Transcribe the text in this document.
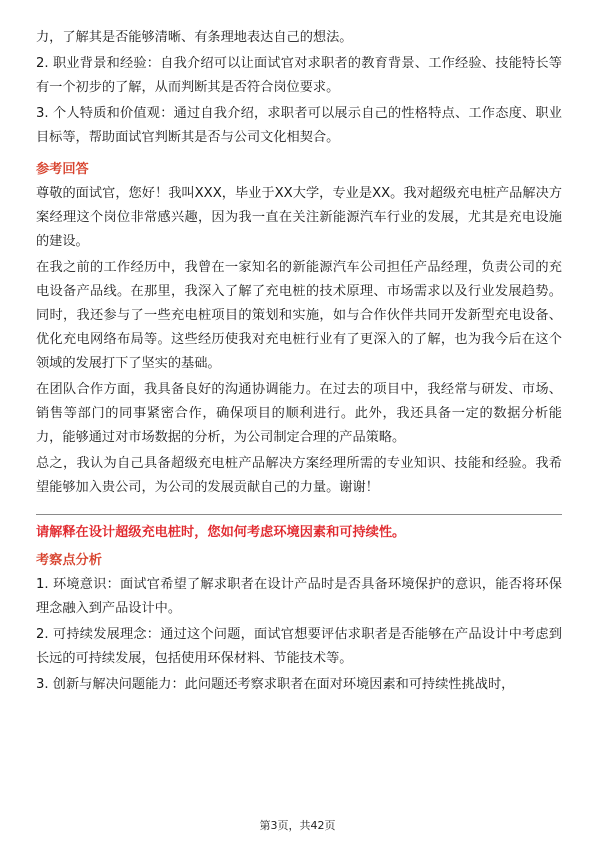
力，了解其是否能够清晰、有条理地表达自己的想法。

2. 职业背景和经验：自我介绍可以让面试官对求职者的教育背景、工作经验、技能特长等有一个初步的了解，从而判断其是否符合岗位要求。

3. 个人特质和价值观：通过自我介绍，求职者可以展示自己的性格特点、工作态度、职业目标等，帮助面试官判断其是否与公司文化相契合。

参考回答

尊敬的面试官，您好！我叫XXX，毕业于XX大学，专业是XX。我对超级充电桩产品解决方案经理这个岗位非常感兴趣，因为我一直在关注新能源汽车行业的发展，尤其是充电设施的建设。

在我之前的工作经历中，我曾在一家知名的新能源汽车公司担任产品经理，负责公司的充电设备产品线。在那里，我深入了解了充电桩的技术原理、市场需求以及行业发展趋势。同时，我还参与了一些充电桩项目的策划和实施，如与合作伙伴共同开发新型充电设备、优化充电网络布局等。这些经历使我对充电桩行业有了更深入的了解，也为我今后在这个领域的发展打下了坚实的基础。

在团队合作方面，我具备良好的沟通协调能力。在过去的项目中，我经常与研发、市场、销售等部门的同事紧密合作，确保项目的顺利进行。此外，我还具备一定的数据分析能力，能够通过对市场数据的分析，为公司制定合理的产品策略。

总之，我认为自己具备超级充电桩产品解决方案经理所需的专业知识、技能和经验。我希望能够加入贵公司，为公司的发展贡献自己的力量。谢谢！

请解释在设计超级充电桩时，您如何考虑环境因素和可持续性。
考察点分析

1. 环境意识：面试官希望了解求职者在设计产品时是否具备环境保护的意识，能否将环保理念融入到产品设计中。

2. 可持续发展理念：通过这个问题，面试官想要评估求职者是否能够在产品设计中考虑到长远的可持续发展，包括使用环保材料、节能技术等。

3. 创新与解决问题能力：此问题还考察求职者在面对环境因素和可持续性挑战时，

第3页，共42页
